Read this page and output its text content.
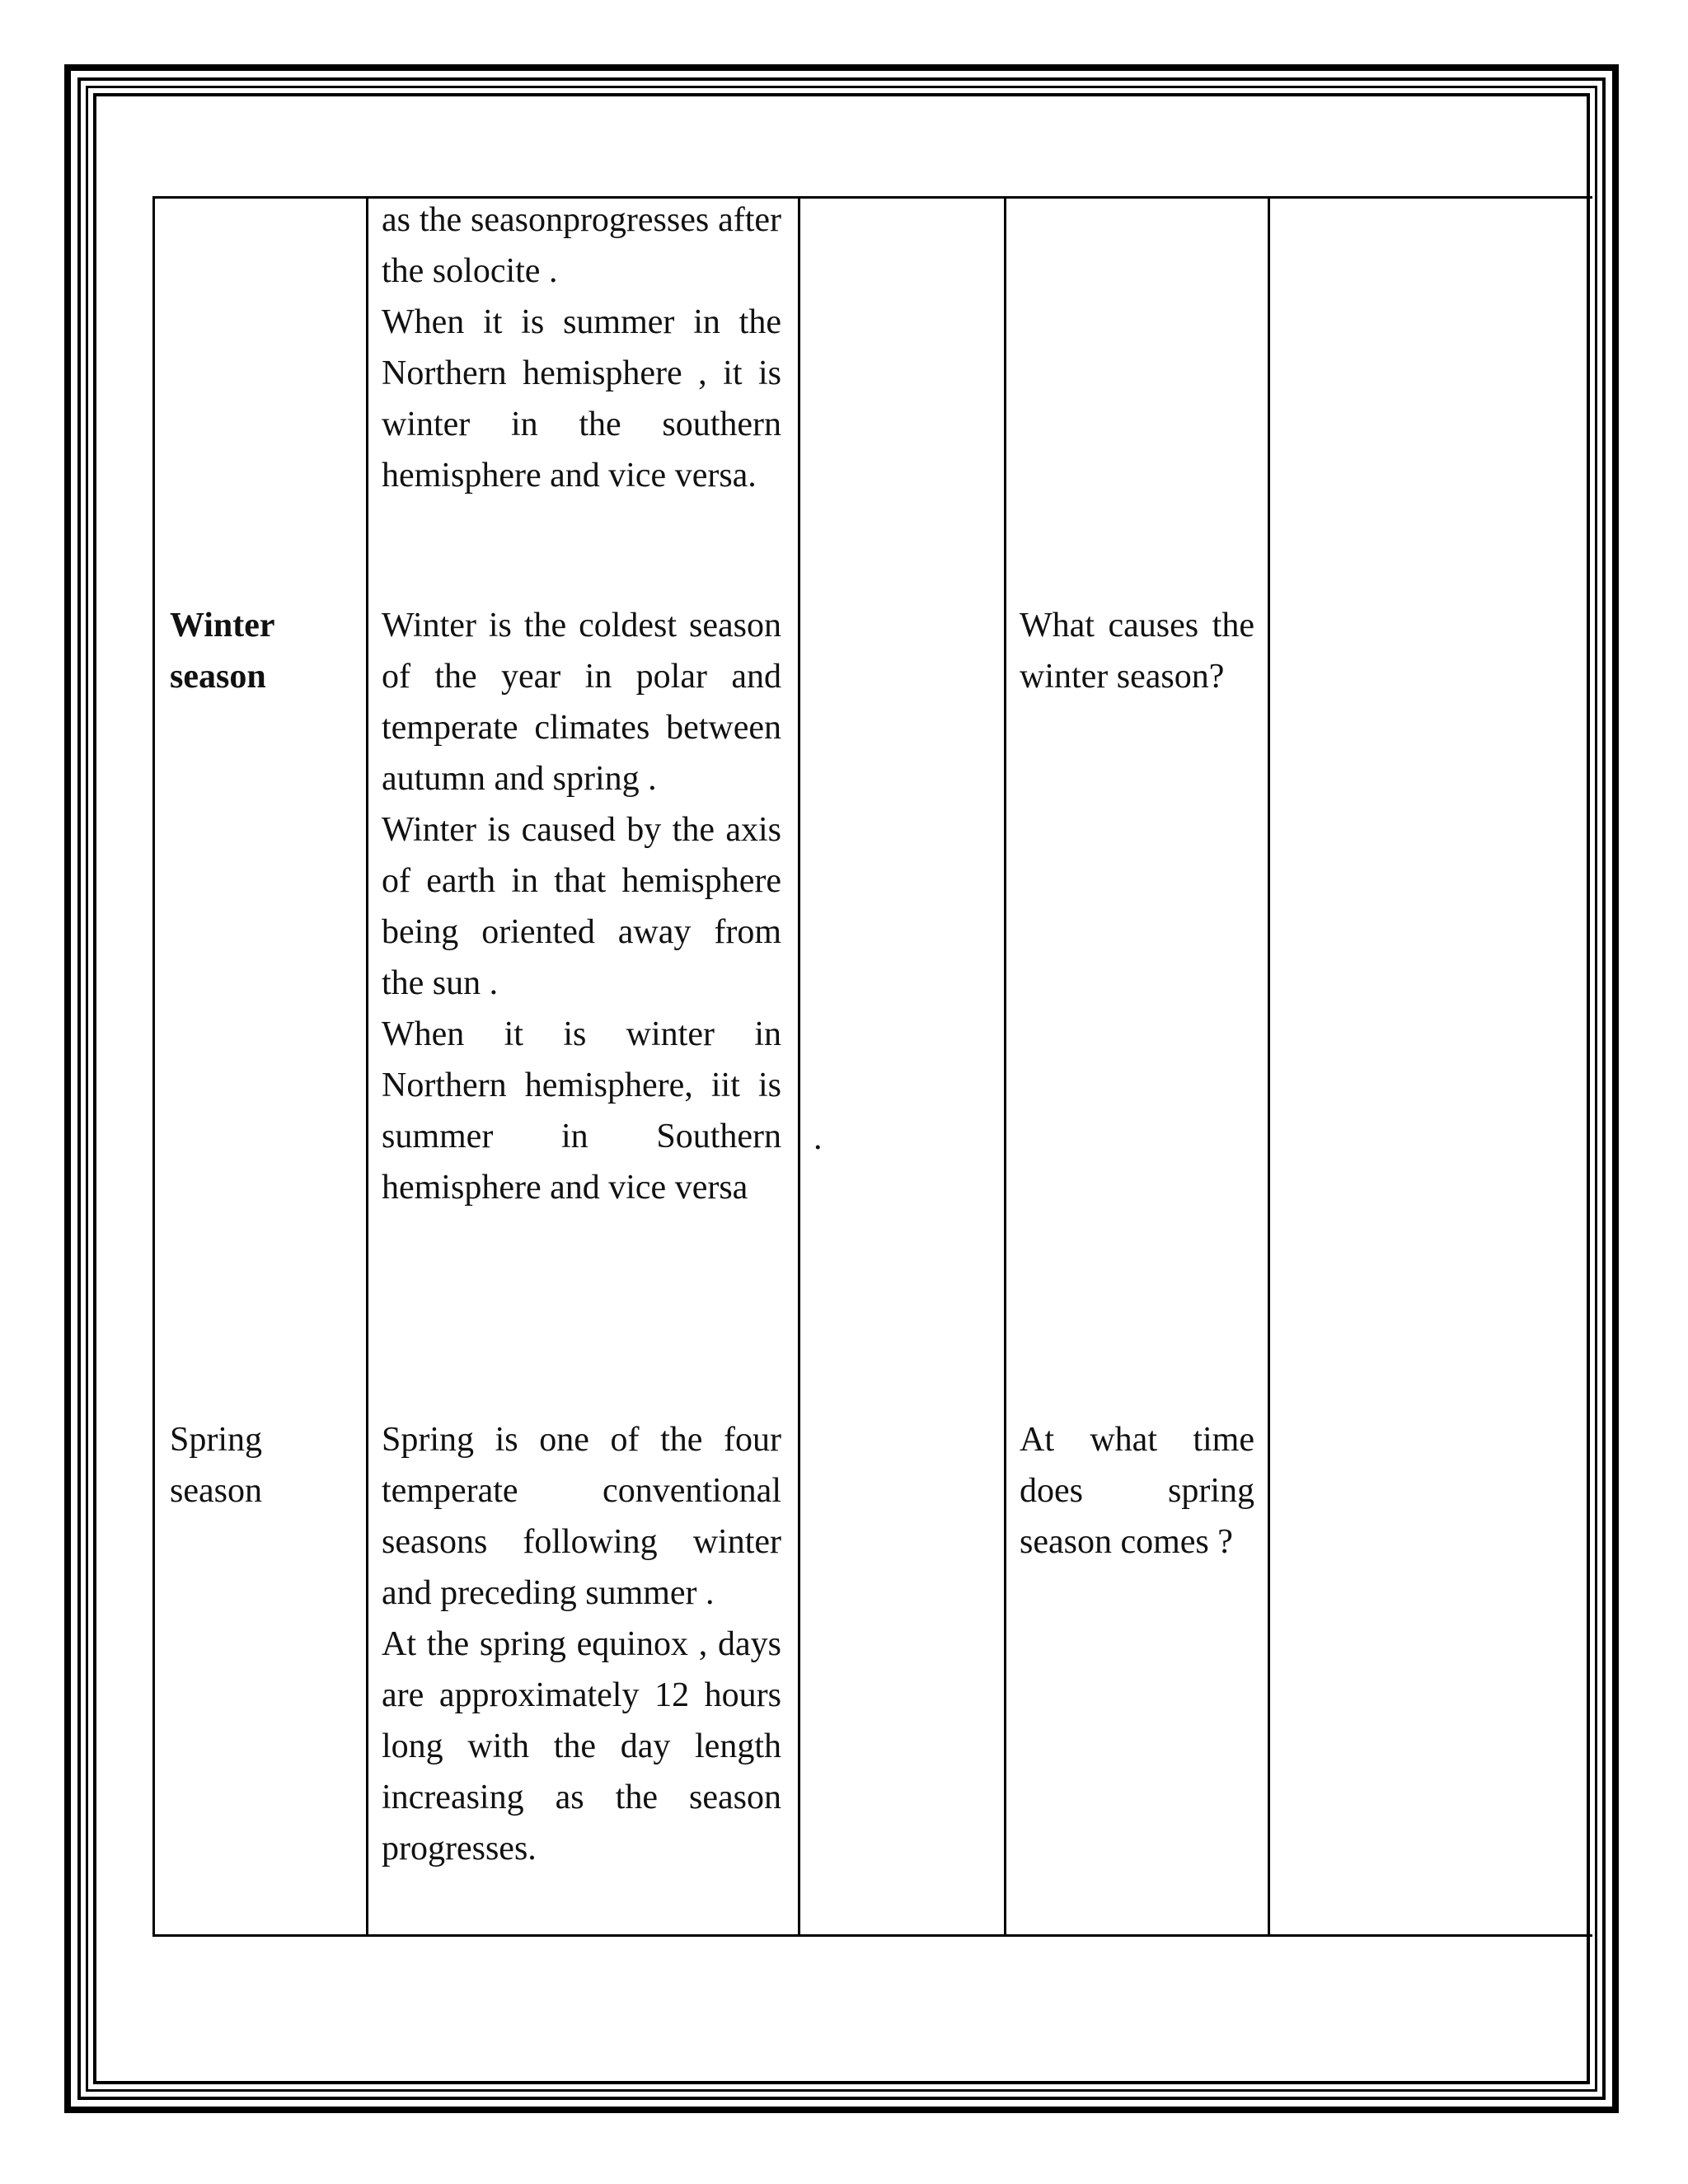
as the seasonprogresses after the solocite .

When it is summer in the Northern hemisphere , it is winter in the southern hemisphere and vice versa.

Winter season

Winter is the coldest season of the year in polar and temperate climates between autumn and spring .

Winter is caused by the axis of earth in that hemisphere being oriented away from the sun .

When it is winter in Northern hemisphere, iit is summer in Southern hemisphere and vice versa

.
What causes the winter season?
Spring season

Spring is one of the four temperate conventional seasons following winter and preceding summer .

At the spring equinox , days are approximately 12 hours long with the day length increasing as the season progresses.

At what time does spring season comes ?
